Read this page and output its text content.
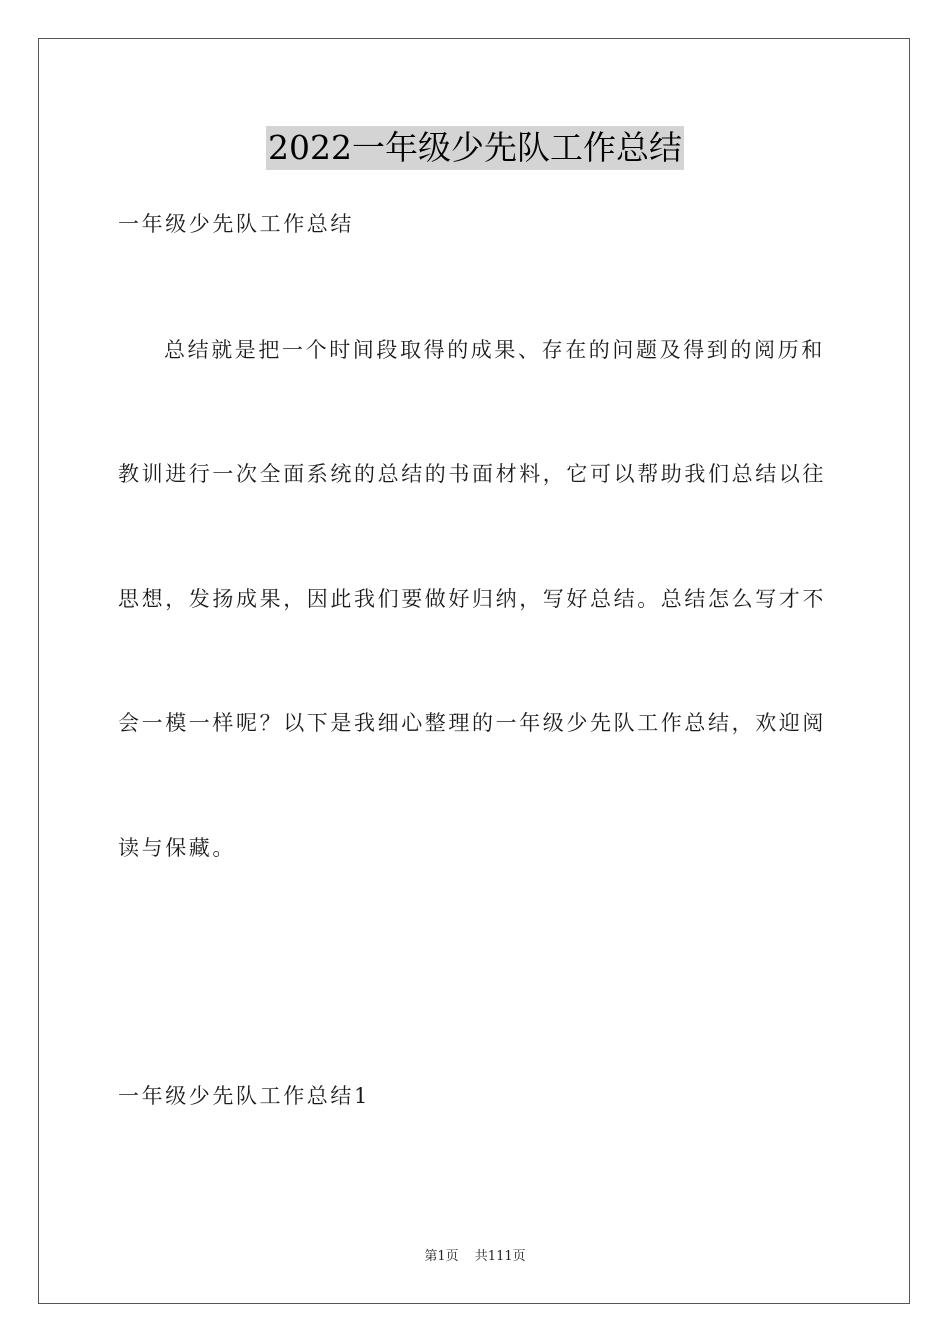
2022一年级少先队工作总结
一年级少先队工作总结
总结就是把一个时间段取得的成果、存在的问题及得到的阅历和
教训进行一次全面系统的总结的书面材料，它可以帮助我们总结以往
思想，发扬成果，因此我们要做好归纳，写好总结。总结怎么写才不
会一模一样呢？以下是我细心整理的一年级少先队工作总结，欢迎阅
读与保藏。
一年级少先队工作总结1
第1页 共111页
